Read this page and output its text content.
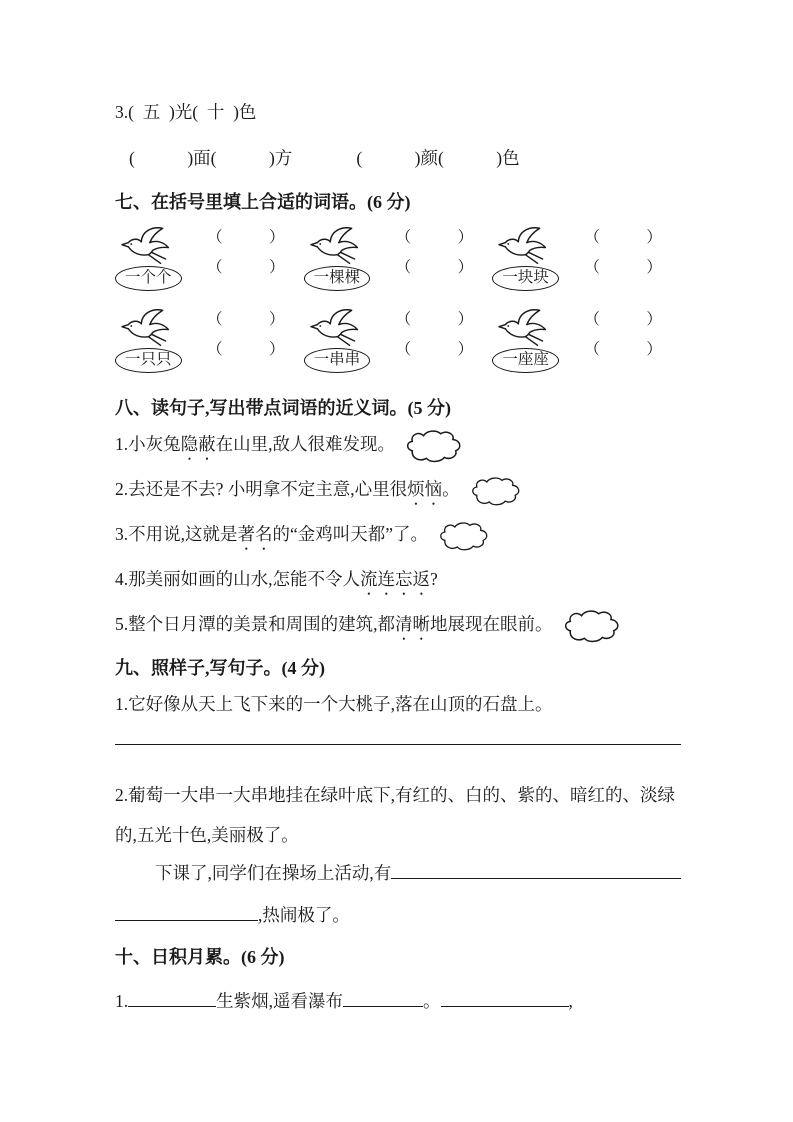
3.(  五  )光(  十  )色
(　　　)面(　　　)方	(　　　)颜(　　　)色
七、在括号里填上合适的词语。(6 分)
一个个
（　　　）
（　　　）
一棵棵
（　　　）
（　　　）
一块块
（　　　）
（　　　）
一只只
（　　　）
（　　　）
一串串
（　　　）
（　　　）
一座座
（　　　）
（　　　）
八、读句子,写出带点词语的近义词。(5 分)
1.小灰兔隐蔽在山里,敌人很难发现。
2.去还是不去? 小明拿不定主意,心里很烦恼。
3.不用说,这就是著名的“金鸡叫天都”了。
4.那美丽如画的山水,怎能不令人流连忘返?
5.整个日月潭的美景和周围的建筑,都清晰地展现在眼前。
九、照样子,写句子。(4 分)
1.它好像从天上飞下来的一个大桃子,落在山顶的石盘上。
2.葡萄一大串一大串地挂在绿叶底下,有红的、白的、紫的、暗红的、淡绿的,五光十色,美丽极了。
下课了,同学们在操场上活动,有
,热闹极了。
十、日积月累。(6 分)
1.	生紫烟,遥看瀑布	。	,
